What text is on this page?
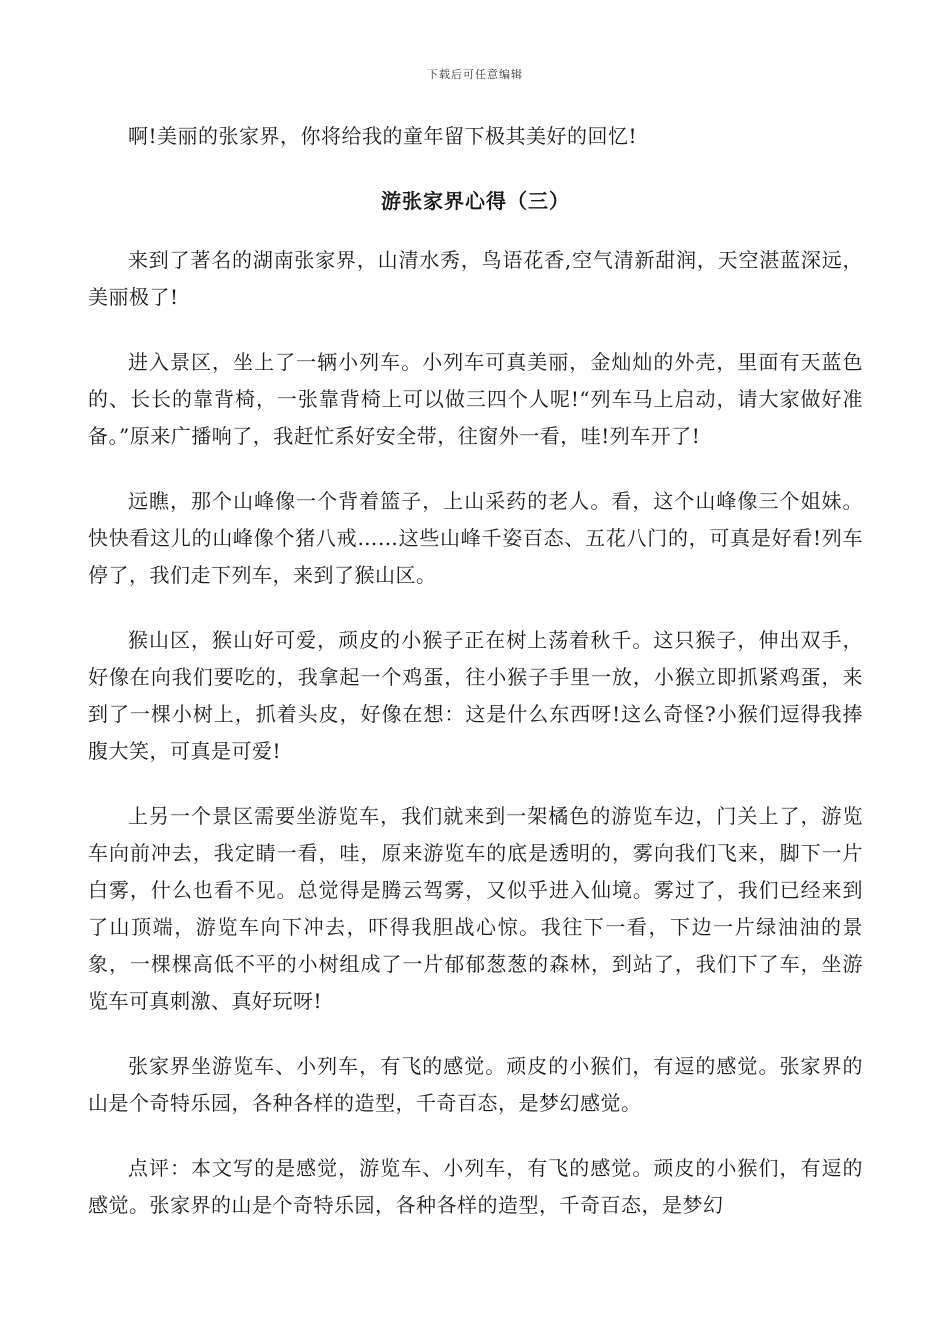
下载后可任意编辑

啊!美丽的张家界，你将给我的童年留下极其美好的回忆!

游张家界心得（三）

来到了著名的湖南张家界，山清水秀，鸟语花香,空气清新甜润，天空湛蓝深远，美丽极了!

进入景区，坐上了一辆小列车。小列车可真美丽，金灿灿的外壳，里面有天蓝色的、长长的靠背椅，一张靠背椅上可以做三四个人呢!“列车马上启动，请大家做好准备。”原来广播响了，我赶忙系好安全带，往窗外一看，哇!列车开了!

远瞧，那个山峰像一个背着篮子，上山采药的老人。看，这个山峰像三个姐妹。快快看这儿的山峰像个猪八戒……这些山峰千姿百态、五花八门的，可真是好看!列车停了，我们走下列车，来到了猴山区。

猴山区，猴山好可爱，顽皮的小猴子正在树上荡着秋千。这只猴子，伸出双手，好像在向我们要吃的，我拿起一个鸡蛋，往小猴子手里一放，小猴立即抓紧鸡蛋，来到了一棵小树上，抓着头皮，好像在想：这是什么东西呀!这么奇怪?小猴们逗得我捧腹大笑，可真是可爱!

上另一个景区需要坐游览车，我们就来到一架橘色的游览车边，门关上了，游览车向前冲去，我定睛一看，哇，原来游览车的底是透明的，雾向我们飞来，脚下一片白雾，什么也看不见。总觉得是腾云驾雾，又似乎进入仙境。雾过了，我们已经来到了山顶端，游览车向下冲去，吓得我胆战心惊。我往下一看，下边一片绿油油的景象，一棵棵高低不平的小树组成了一片郁郁葱葱的森林，到站了，我们下了车，坐游览车可真刺激、真好玩呀!

张家界坐游览车、小列车，有飞的感觉。顽皮的小猴们，有逗的感觉。张家界的山是个奇特乐园，各种各样的造型，千奇百态，是梦幻感觉。

点评：本文写的是感觉，游览车、小列车，有飞的感觉。顽皮的小猴们，有逗的感觉。张家界的山是个奇特乐园，各种各样的造型，千奇百态，是梦幻
